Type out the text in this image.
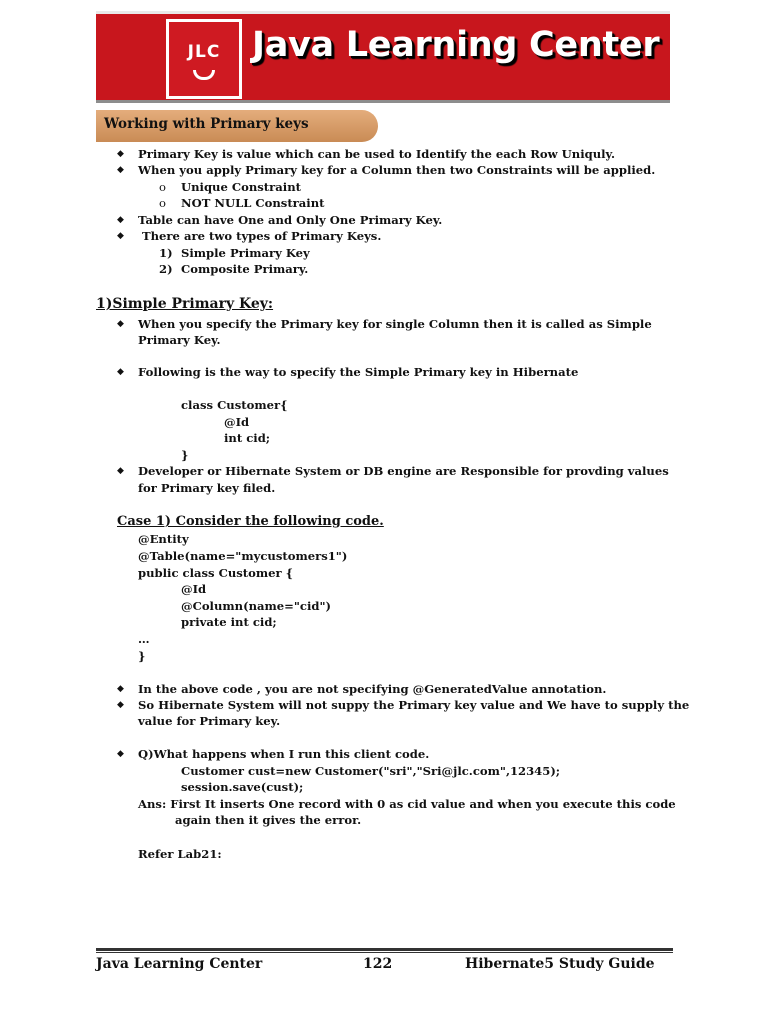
JLC Java Learning Center
Working with Primary keys
◆ Primary Key is value which can be used to Identify the each Row Uniquly.
◆ When you apply Primary key for a Column then two Constraints will be applied.
o Unique Constraint
o NOT NULL Constraint
◆ Table can have One and Only One Primary Key.
◆ There are two types of Primary Keys.
1) Simple Primary Key
2) Composite Primary.
1)Simple Primary Key:
◆ When you specify the Primary key for single Column then it is called as Simple
Primary Key.
◆ Following is the way to specify the Simple Primary key in Hibernate
class Customer{
@Id
int cid;
}
◆ Developer or Hibernate System or DB engine are Responsible for provding values
for Primary key filed.
Case 1) Consider the following code.
@Entity
@Table(name="mycustomers1")
public class Customer {
@Id
@Column(name="cid")
private int cid;
…
}
◆ In the above code , you are not specifying @GeneratedValue annotation.
◆ So Hibernate System will not suppy the Primary key value and We have to supply the
value for Primary key.
◆ Q)What happens when I run this client code.
Customer cust=new Customer("sri","Sri@jlc.com",12345);
session.save(cust);
Ans: First It inserts One record with 0 as cid value and when you execute this code
again then it gives the error.
Refer Lab21:
Java Learning Center	122	Hibernate5 Study Guide
